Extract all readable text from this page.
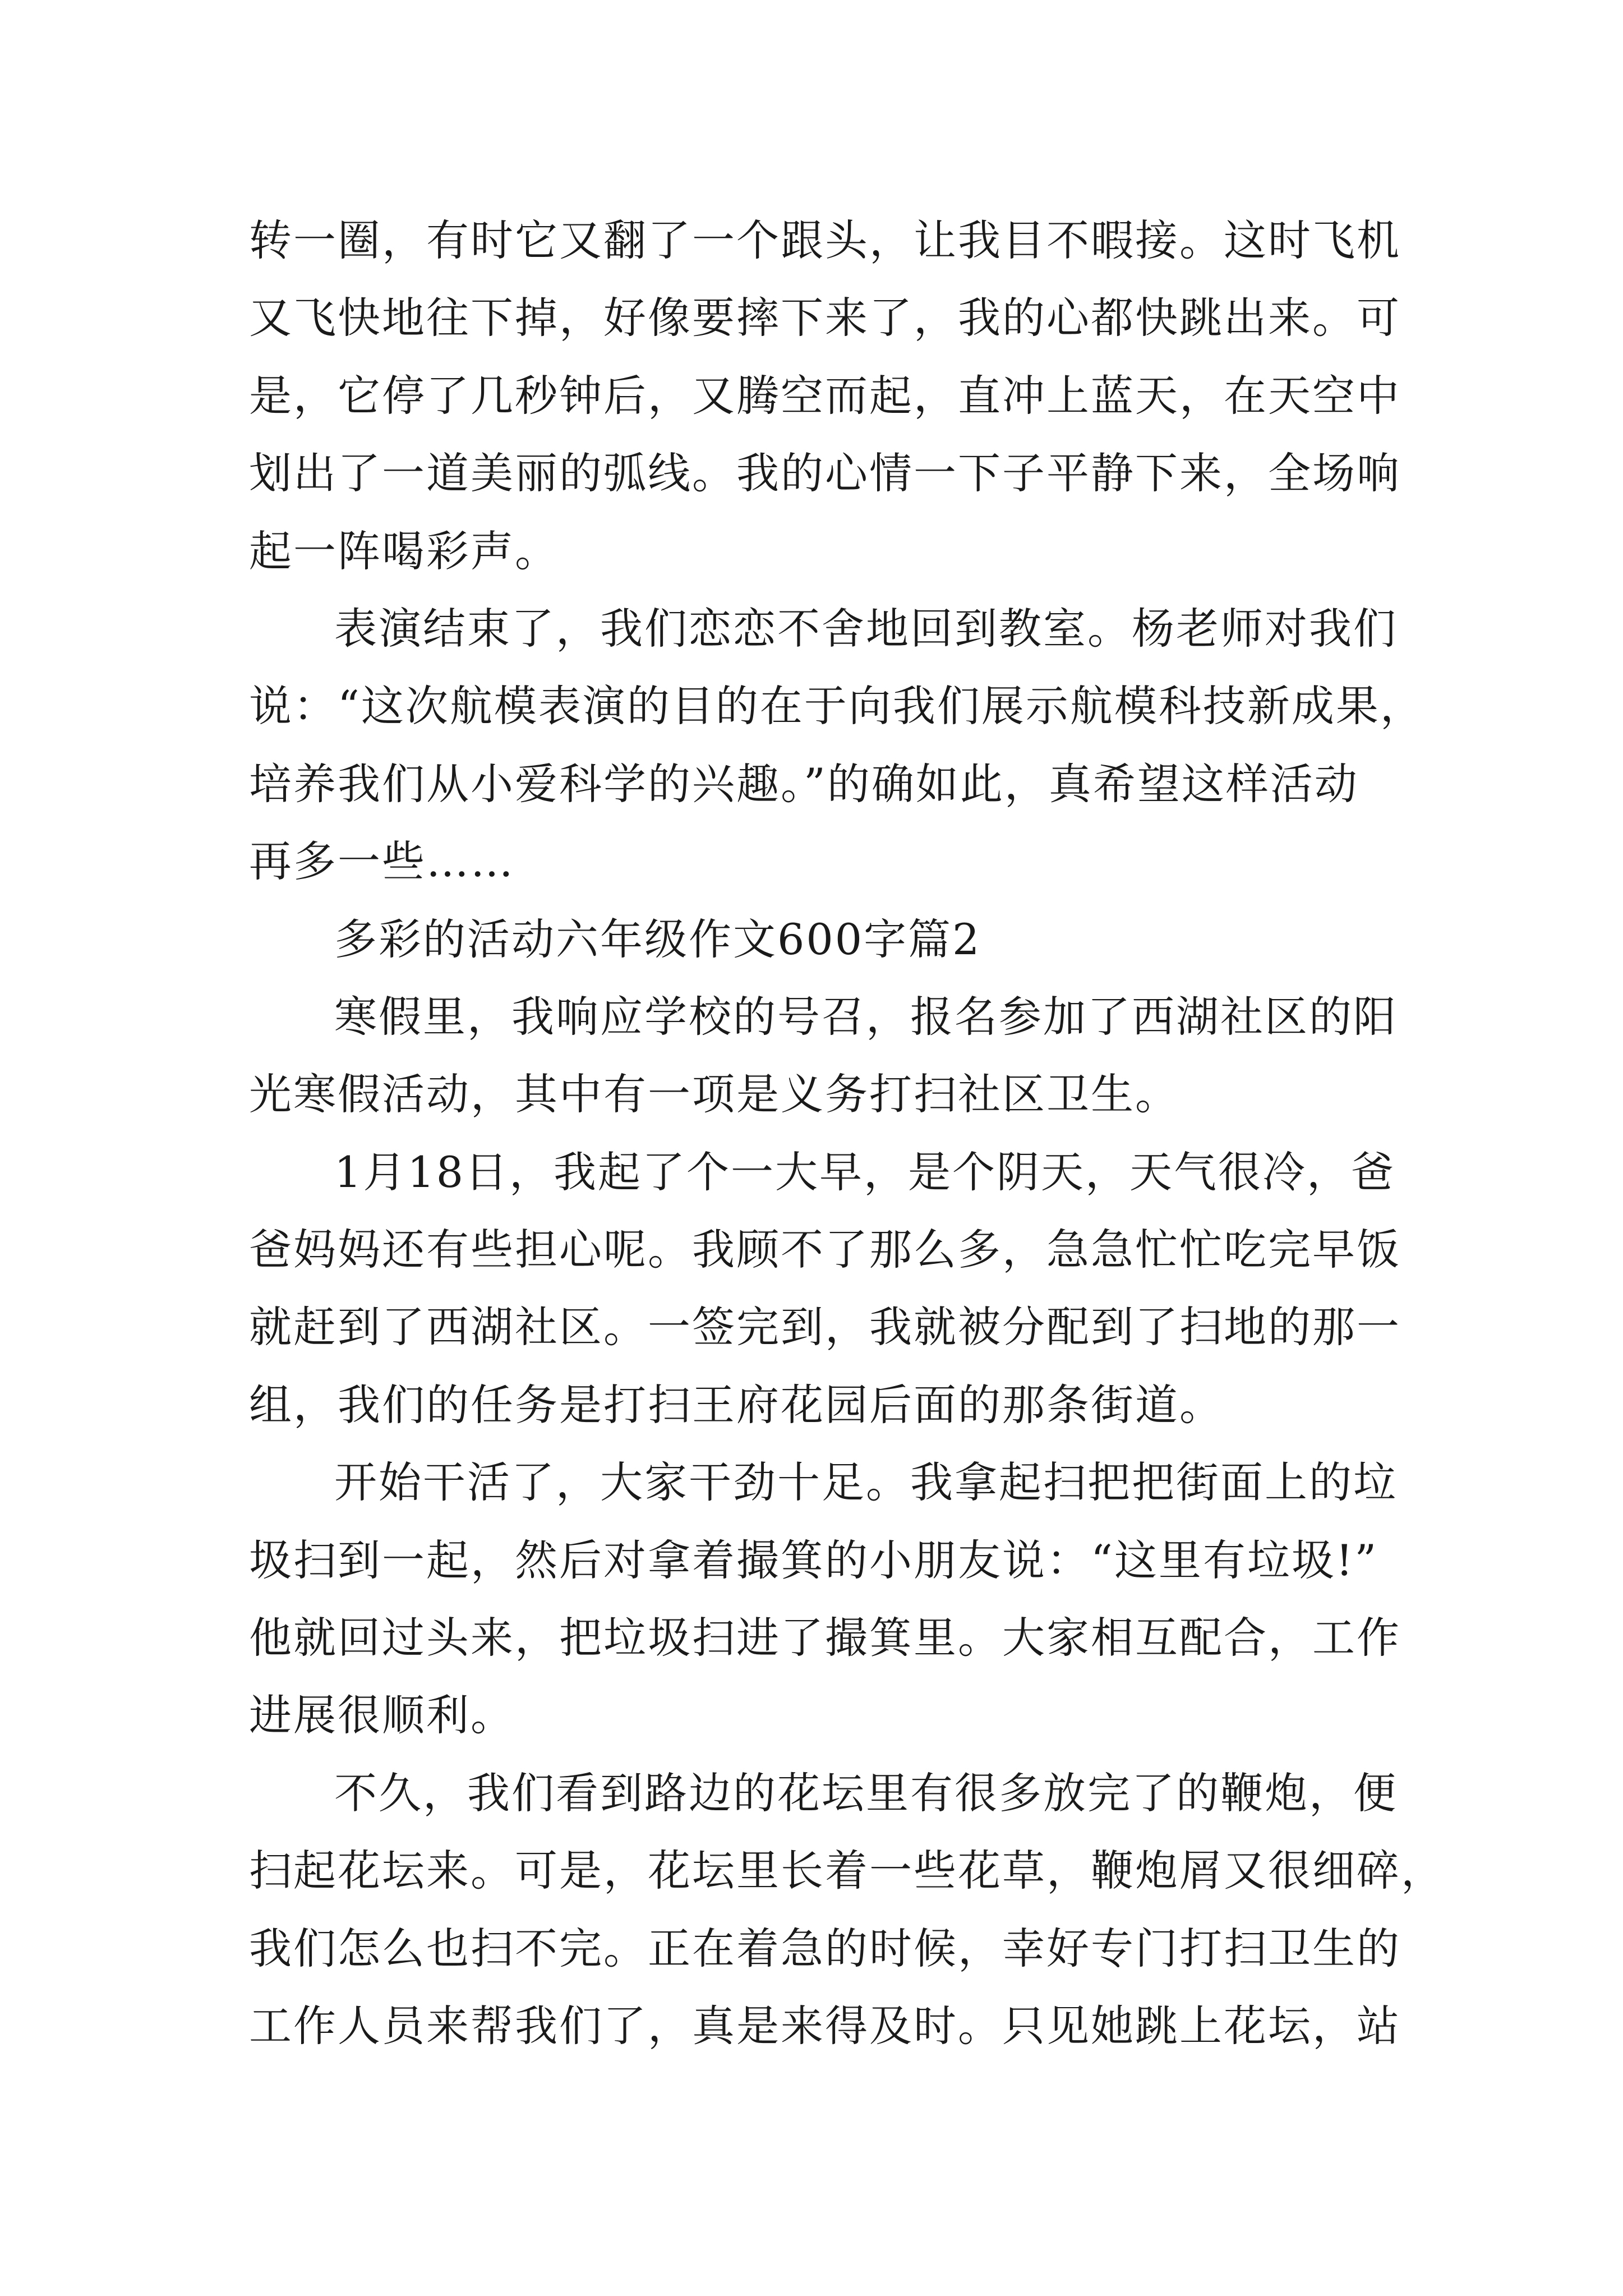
转一圈，有时它又翻了一个跟头，让我目不暇接。这时飞机
又飞快地往下掉，好像要摔下来了，我的心都快跳出来。可
是，它停了几秒钟后，又腾空而起，直冲上蓝天，在天空中
划出了一道美丽的弧线。我的心情一下子平静下来，全场响
起一阵喝彩声。

表演结束了，我们恋恋不舍地回到教室。杨老师对我们
说：“这次航模表演的目的在于向我们展示航模科技新成果，
培养我们从小爱科学的兴趣。”的确如此，真希望这样活动
再多一些……

多彩的活动六年级作文600字篇2

寒假里，我响应学校的号召，报名参加了西湖社区的阳
光寒假活动，其中有一项是义务打扫社区卫生。

1月18日，我起了个一大早，是个阴天，天气很冷，爸
爸妈妈还有些担心呢。我顾不了那么多，急急忙忙吃完早饭
就赶到了西湖社区。一签完到，我就被分配到了扫地的那一
组，我们的任务是打扫王府花园后面的那条街道。

开始干活了，大家干劲十足。我拿起扫把把街面上的垃
圾扫到一起，然后对拿着撮箕的小朋友说：“这里有垃圾!”
他就回过头来，把垃圾扫进了撮箕里。大家相互配合，工作
进展很顺利。

不久，我们看到路边的花坛里有很多放完了的鞭炮，便
扫起花坛来。可是，花坛里长着一些花草，鞭炮屑又很细碎，
我们怎么也扫不完。正在着急的时候，幸好专门打扫卫生的
工作人员来帮我们了，真是来得及时。只见她跳上花坛，站
